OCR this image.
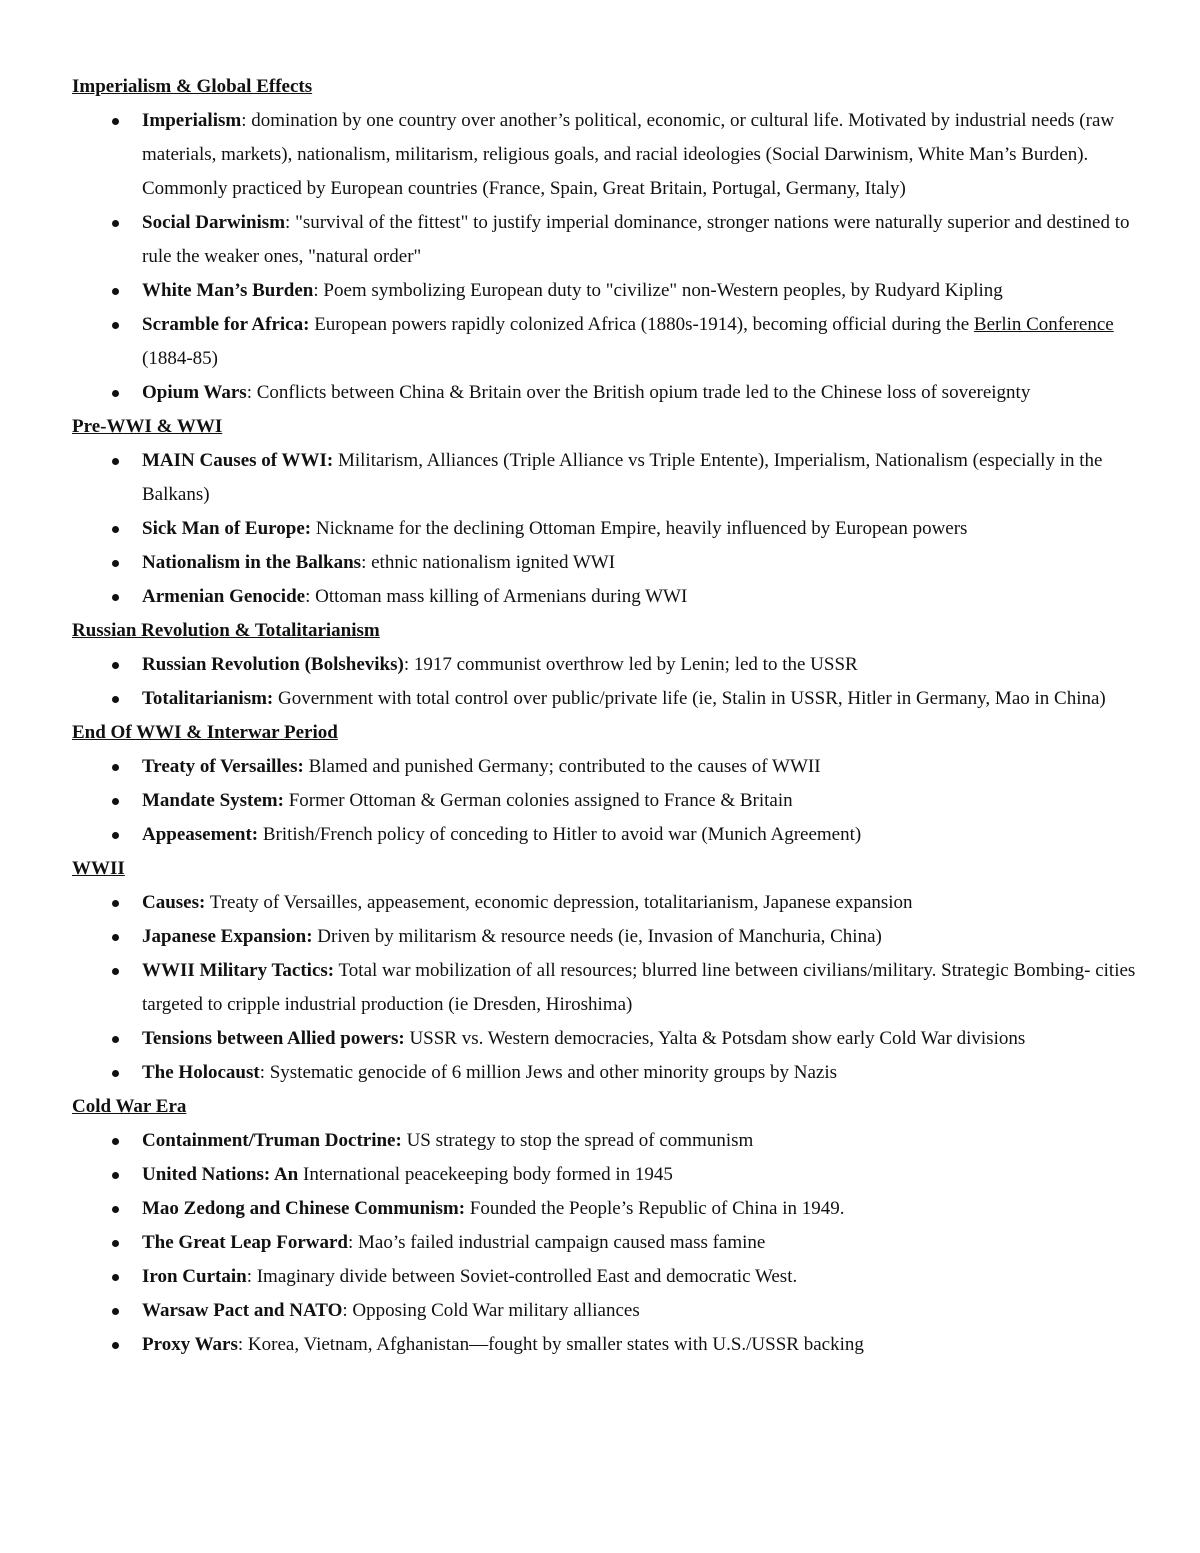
Imperialism & Global Effects
Imperialism: domination by one country over another’s political, economic, or cultural life. Motivated by industrial needs (raw materials, markets), nationalism, militarism, religious goals, and racial ideologies (Social Darwinism, White Man’s Burden). Commonly practiced by European countries (France, Spain, Great Britain, Portugal, Germany, Italy)
Social Darwinism: "survival of the fittest" to justify imperial dominance, stronger nations were naturally superior and destined to rule the weaker ones, "natural order"
White Man’s Burden: Poem symbolizing European duty to "civilize" non-Western peoples, by Rudyard Kipling
Scramble for Africa: European powers rapidly colonized Africa (1880s-1914), becoming official during the Berlin Conference (1884-85)
Opium Wars: Conflicts between China & Britain over the British opium trade led to the Chinese loss of sovereignty
Pre-WWI & WWI
MAIN Causes of WWI: Militarism, Alliances (Triple Alliance vs Triple Entente), Imperialism, Nationalism (especially in the Balkans)
Sick Man of Europe: Nickname for the declining Ottoman Empire, heavily influenced by European powers
Nationalism in the Balkans: ethnic nationalism ignited WWI
Armenian Genocide: Ottoman mass killing of Armenians during WWI
Russian Revolution & Totalitarianism
Russian Revolution (Bolsheviks): 1917 communist overthrow led by Lenin; led to the USSR
Totalitarianism: Government with total control over public/private life (ie, Stalin in USSR, Hitler in Germany, Mao in China)
End Of WWI & Interwar Period
Treaty of Versailles: Blamed and punished Germany; contributed to the causes of WWII
Mandate System: Former Ottoman & German colonies assigned to France & Britain
Appeasement: British/French policy of conceding to Hitler to avoid war (Munich Agreement)
WWII
Causes: Treaty of Versailles, appeasement, economic depression, totalitarianism, Japanese expansion
Japanese Expansion: Driven by militarism & resource needs (ie, Invasion of Manchuria, China)
WWII Military Tactics: Total war mobilization of all resources; blurred line between civilians/military. Strategic Bombing- cities targeted to cripple industrial production (ie Dresden, Hiroshima)
Tensions between Allied powers: USSR vs. Western democracies, Yalta & Potsdam show early Cold War divisions
The Holocaust: Systematic genocide of 6 million Jews and other minority groups by Nazis
Cold War Era
Containment/Truman Doctrine: US strategy to stop the spread of communism
United Nations: An International peacekeeping body formed in 1945
Mao Zedong and Chinese Communism: Founded the People’s Republic of China in 1949.
The Great Leap Forward: Mao’s failed industrial campaign caused mass famine
Iron Curtain: Imaginary divide between Soviet-controlled East and democratic West.
Warsaw Pact and NATO: Opposing Cold War military alliances
Proxy Wars: Korea, Vietnam, Afghanistan—fought by smaller states with U.S./USSR backing
